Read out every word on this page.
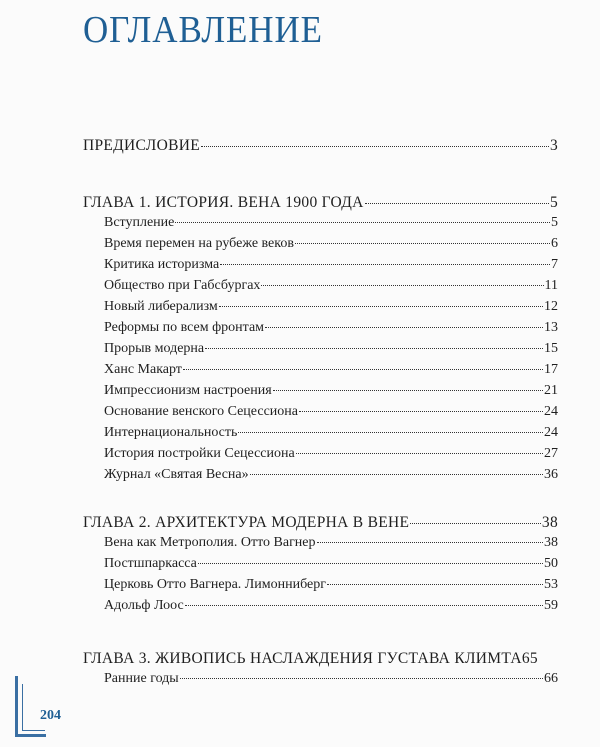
ОГЛАВЛЕНИЕ
ПРЕДИСЛОВИЕ	3
ГЛАВА 1. ИСТОРИЯ. ВЕНА 1900 ГОДА	5
Вступление	5
Время перемен на рубеже веков	6
Критика историзма	7
Общество при Габсбургах	11
Новый либерализм	12
Реформы по всем фронтам	13
Прорыв модерна	15
Ханс Макарт	17
Импрессионизм настроения	21
Основание венского Сецессиона	24
Интернациональность	24
История постройки Сецессиона	27
Журнал «Святая Весна»	36
ГЛАВА 2. АРХИТЕКТУРА МОДЕРНА В ВЕНЕ	38
Вена как Метрополия. Отто Вагнер	38
Постшпаркасса	50
Церковь Отто Вагнера. Лимонниберг	53
Адольф Лоос	59
ГЛАВА 3. ЖИВОПИСЬ НАСЛАЖДЕНИЯ ГУСТАВА КЛИМТА 65
Ранние годы	66
204
